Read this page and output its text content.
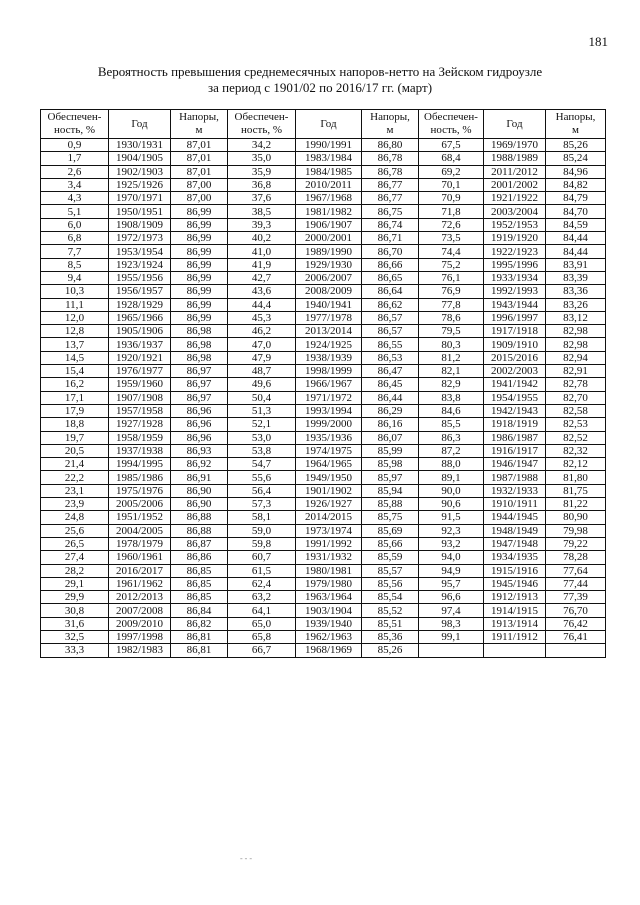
181
Вероятность превышения среднемесячных напоров-нетто на Зейском гидроузле
за период с 1901/02 по 2016/17 гг. (март)
Обеспечен-
ность, %	Год	Напоры,
м	Обеспечен-
ность, %	Год	Напоры,
м	Обеспечен-
ность, %	Год	Напоры,
м
0,9	1930/1931	87,01	34,2	1990/1991	86,80	67,5	1969/1970	85,26
1,7	1904/1905	87,01	35,0	1983/1984	86,78	68,4	1988/1989	85,24
2,6	1902/1903	87,01	35,9	1984/1985	86,78	69,2	2011/2012	84,96
3,4	1925/1926	87,00	36,8	2010/2011	86,77	70,1	2001/2002	84,82
4,3	1970/1971	87,00	37,6	1967/1968	86,77	70,9	1921/1922	84,79
5,1	1950/1951	86,99	38,5	1981/1982	86,75	71,8	2003/2004	84,70
6,0	1908/1909	86,99	39,3	1906/1907	86,74	72,6	1952/1953	84,59
6,8	1972/1973	86,99	40,2	2000/2001	86,71	73,5	1919/1920	84,44
7,7	1953/1954	86,99	41,0	1989/1990	86,70	74,4	1922/1923	84,44
8,5	1923/1924	86,99	41,9	1929/1930	86,66	75,2	1995/1996	83,91
9,4	1955/1956	86,99	42,7	2006/2007	86,65	76,1	1933/1934	83,39
10,3	1956/1957	86,99	43,6	2008/2009	86,64	76,9	1992/1993	83,36
11,1	1928/1929	86,99	44,4	1940/1941	86,62	77,8	1943/1944	83,26
12,0	1965/1966	86,99	45,3	1977/1978	86,57	78,6	1996/1997	83,12
12,8	1905/1906	86,98	46,2	2013/2014	86,57	79,5	1917/1918	82,98
13,7	1936/1937	86,98	47,0	1924/1925	86,55	80,3	1909/1910	82,98
14,5	1920/1921	86,98	47,9	1938/1939	86,53	81,2	2015/2016	82,94
15,4	1976/1977	86,97	48,7	1998/1999	86,47	82,1	2002/2003	82,91
16,2	1959/1960	86,97	49,6	1966/1967	86,45	82,9	1941/1942	82,78
17,1	1907/1908	86,97	50,4	1971/1972	86,44	83,8	1954/1955	82,70
17,9	1957/1958	86,96	51,3	1993/1994	86,29	84,6	1942/1943	82,58
18,8	1927/1928	86,96	52,1	1999/2000	86,16	85,5	1918/1919	82,53
19,7	1958/1959	86,96	53,0	1935/1936	86,07	86,3	1986/1987	82,52
20,5	1937/1938	86,93	53,8	1974/1975	85,99	87,2	1916/1917	82,32
21,4	1994/1995	86,92	54,7	1964/1965	85,98	88,0	1946/1947	82,12
22,2	1985/1986	86,91	55,6	1949/1950	85,97	89,1	1987/1988	81,80
23,1	1975/1976	86,90	56,4	1901/1902	85,94	90,0	1932/1933	81,75
23,9	2005/2006	86,90	57,3	1926/1927	85,88	90,6	1910/1911	81,22
24,8	1951/1952	86,88	58,1	2014/2015	85,75	91,5	1944/1945	80,90
25,6	2004/2005	86,88	59,0	1973/1974	85,69	92,3	1948/1949	79,98
26,5	1978/1979	86,87	59,8	1991/1992	85,66	93,2	1947/1948	79,22
27,4	1960/1961	86,86	60,7	1931/1932	85,59	94,0	1934/1935	78,28
28,2	2016/2017	86,85	61,5	1980/1981	85,57	94,9	1915/1916	77,64
29,1	1961/1962	86,85	62,4	1979/1980	85,56	95,7	1945/1946	77,44
29,9	2012/2013	86,85	63,2	1963/1964	85,54	96,6	1912/1913	77,39
30,8	2007/2008	86,84	64,1	1903/1904	85,52	97,4	1914/1915	76,70
31,6	2009/2010	86,82	65,0	1939/1940	85,51	98,3	1913/1914	76,42
32,5	1997/1998	86,81	65,8	1962/1963	85,36	99,1	1911/1912	76,41
33,3	1982/1983	86,81	66,7	1968/1969	85,26			
‐ ‐ ‐
